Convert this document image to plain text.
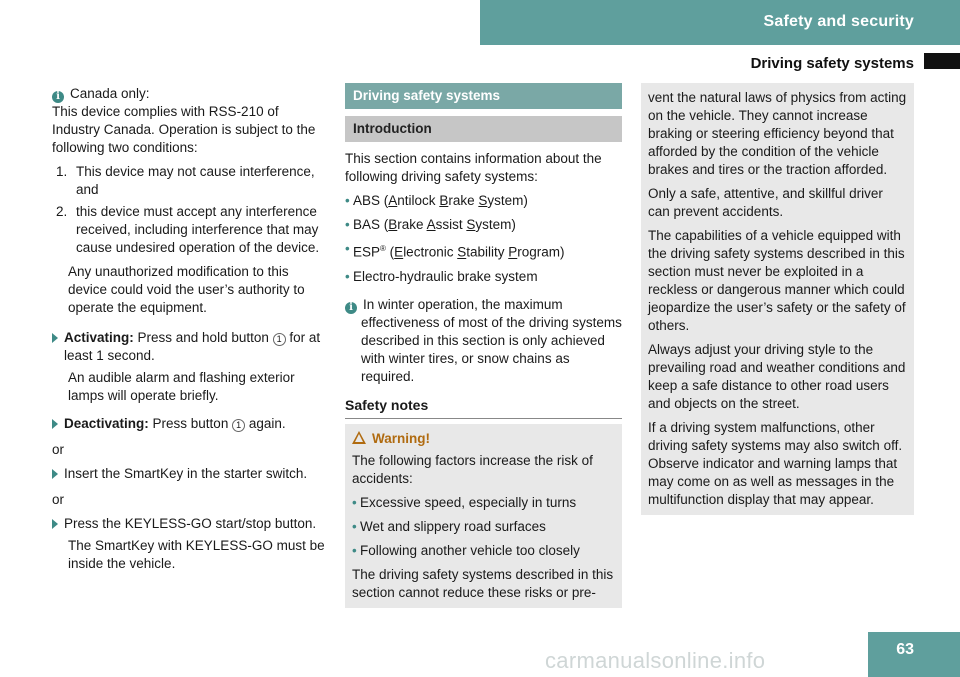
Safety and security
Driving safety systems

i Canada only:
This device complies with RSS-210 of Industry Canada. Operation is subject to the following two conditions:

1. This device may not cause interference, and
2. this device must accept any interference received, including interference that may cause undesired operation of the device.

Any unauthorized modification to this device could void the user’s authority to operate the equipment.

Activating: Press and hold button 1 for at least 1 second.

An audible alarm and flashing exterior lamps will operate briefly.

Deactivating: Press button 1 again.

or

Insert the SmartKey in the starter switch.

or

Press the KEYLESS-GO start/stop button.

The SmartKey with KEYLESS-GO must be inside the vehicle.

Driving safety systems
Introduction

This section contains information about the following driving safety systems:

• ABS (Antilock Brake System)
• BAS (Brake Assist System)
• ESP® (Electronic Stability Program)
• Electro-hydraulic brake system

i In winter operation, the maximum effectiveness of most of the driving systems described in this section is only achieved with winter tires, or snow chains as required.

Safety notes
Warning!

The following factors increase the risk of accidents:

• Excessive speed, especially in turns
• Wet and slippery road surfaces
• Following another vehicle too closely

The driving safety systems described in this section cannot reduce these risks or pre-

vent the natural laws of physics from acting on the vehicle. They cannot increase braking or steering efficiency beyond that afforded by the condition of the vehicle brakes and tires or the traction afforded.

Only a safe, attentive, and skillful driver can prevent accidents.

The capabilities of a vehicle equipped with the driving safety systems described in this section must never be exploited in a reckless or dangerous manner which could jeopardize the user’s safety or the safety of others.

Always adjust your driving style to the prevailing road and weather conditions and keep a safe distance to other road users and objects on the street.

If a driving system malfunctions, other driving safety systems may also switch off. Observe indicator and warning lamps that may come on as well as messages in the multifunction display that may appear.

carmanualsonline.info	63
